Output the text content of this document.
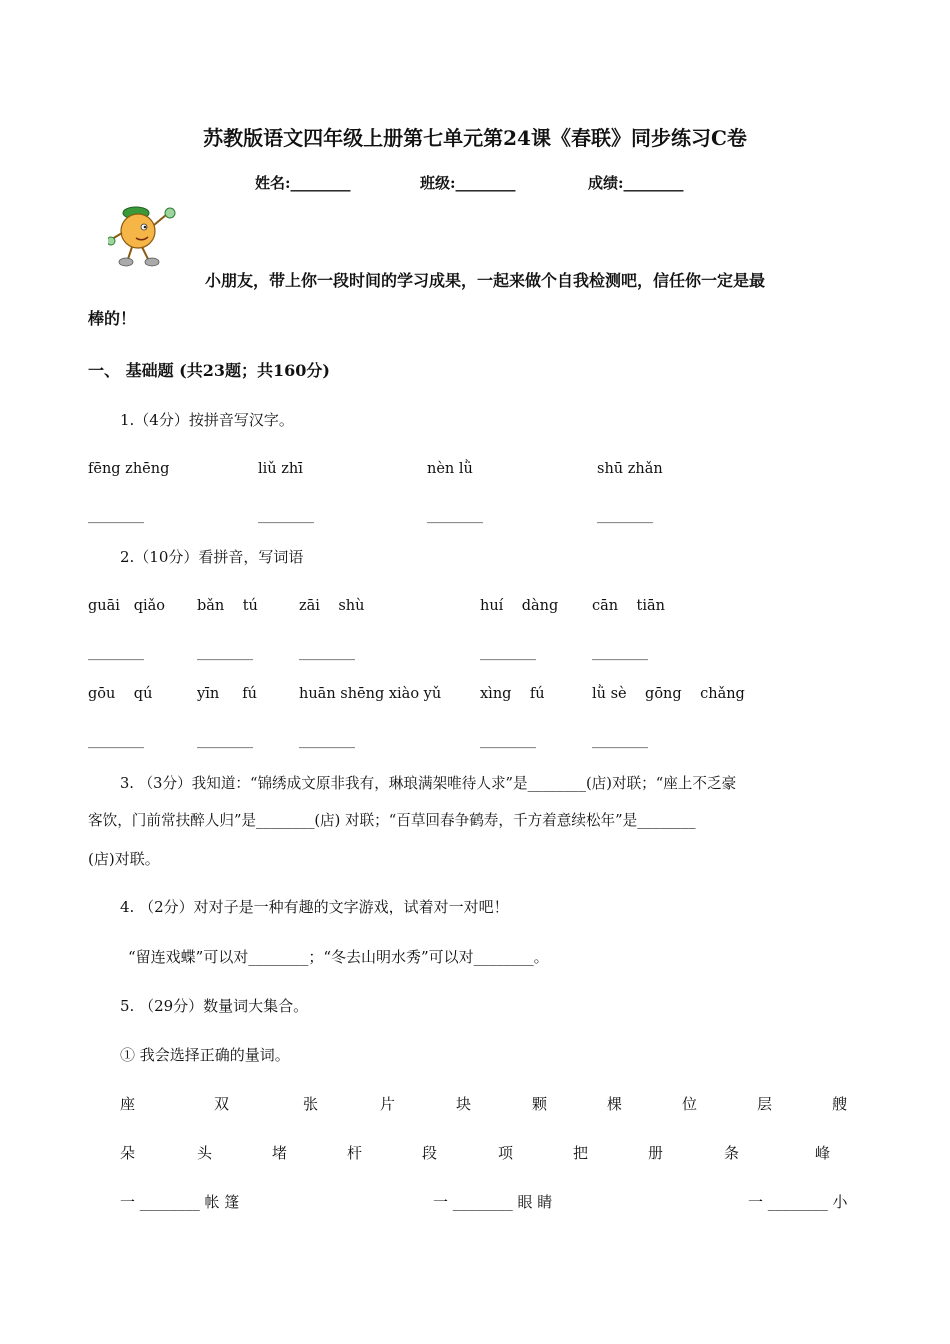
苏教版语文四年级上册第七单元第24课《春联》同步练习C卷
姓名:________	班级:________	成绩:________
小朋友，带上你一段时间的学习成果，一起来做个自我检测吧，信任你一定是最
棒的！
一、 基础题 (共23题；共160分)
1.（4分）按拼音写汉字。
fēng zhēng	liǔ zhī	nèn lǜ	shū zhǎn
________	________	________	________
2.（10分）看拼音，写词语
guāi   qiǎo bǎn    tú	zāi    shù	huí    dàng cān    tiān
________	________	________	________	________
gōu    qú	yīn     fú	huān shēng xiào yǔ	xìng    fú	lǜ sè    gōng    chǎng
________	________	________	________	________
3. （3分）我知道：“锦绣成文原非我有，琳琅满架唯待人求”是________(店)对联；“座上不乏豪
客饮，门前常扶醉人归”是________(店) 对联；“百草回春争鹤寿，千方着意续松年”是________
(店)对联。
4. （2分）对对子是一种有趣的文字游戏，试着对一对吧！
“留连戏蝶”可以对________；“冬去山明水秀”可以对________。
5. （29分）数量词大集合。
① 我会选择正确的量词。
座	双	张	片	块	颗	棵	位	层	艘
朵	头	堵	杆	段	项	把	册	条	峰
一 ________ 帐 篷	一 ________ 眼 睛	一 ________ 小
